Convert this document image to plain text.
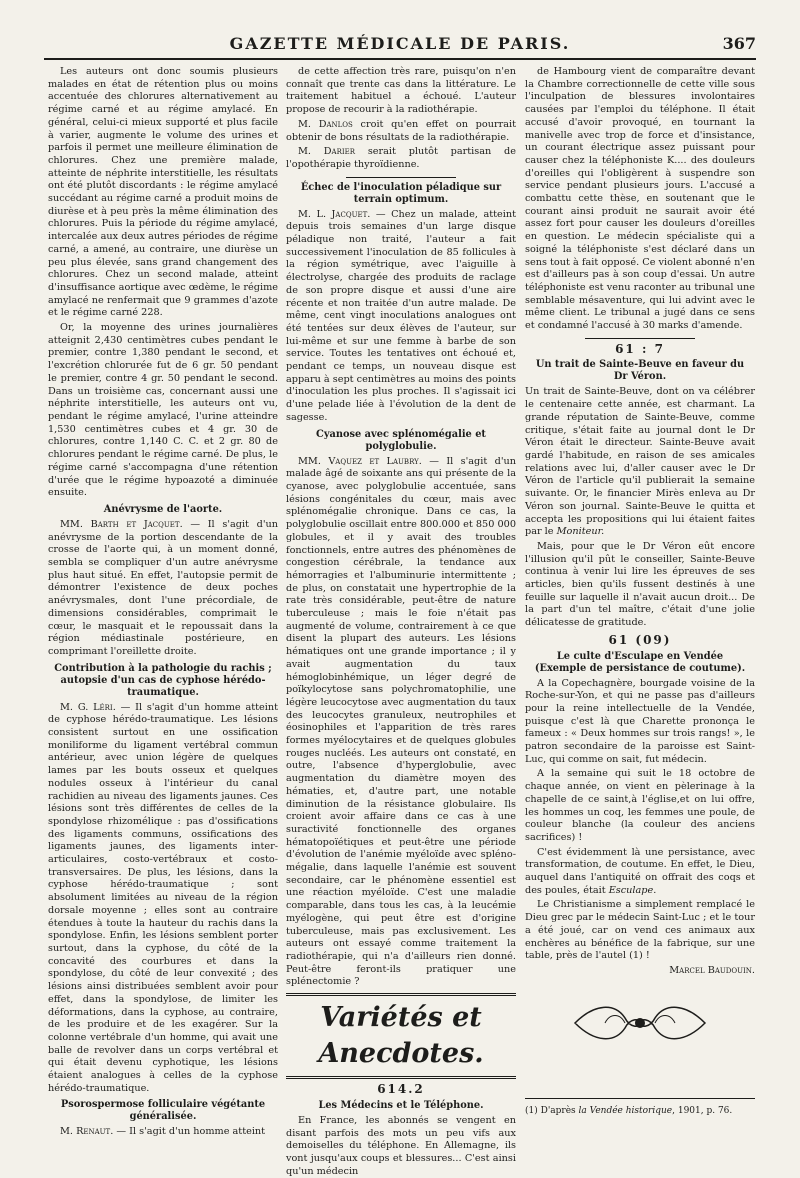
GAZETTE MÉDICALE DE PARIS.	367

Les auteurs ont donc soumis plusieurs malades en état de rétention plus ou moins accentuée des chlorures alternativement au régime carné et au régime amylacé. En général, celui-ci mieux supporté et plus facile à varier, augmente le volume des urines et parfois il permet une meilleure élimination de chlorures. Chez une première malade, atteinte de néphrite interstitielle, les résultats ont été plutôt discordants : le régime amylacé succédant au régime carné a produit moins de diurèse et à peu près la même élimination des chlorures. Puis la période du régime amylacé, intercalée aux deux autres périodes de régime carné, a amené, au contraire, une diurèse un peu plus élevée, sans grand changement des chlorures. Chez un second malade, atteint d'insuffisance aortique avec œdème, le régime amylacé ne renfermait que 9 grammes d'azote et le régime carné 228.

Or, la moyenne des urines journalières atteignit 2,430 centimètres cubes pendant le premier, contre 1,380 pendant le second, et l'excrétion chlorurée fut de 6 gr. 50 pendant le premier, contre 4 gr. 50 pendant le second. Dans un troisième cas, concernant aussi une néphrite interstitielle, les auteurs ont vu, pendant le régime amylacé, l'urine atteindre 1,530 centimètres cubes et 4 gr. 30 de chlorures, contre 1,140 C. C. et 2 gr. 80 de chlorures pendant le régime carné. De plus, le régime carné s'accompagna d'une rétention d'urée que le régime hypoazoté a diminuée ensuite.

Anévrysme de l'aorte.

MM. Barth et Jacquet. — Il s'agit d'un anévrysme de la portion descendante de la crosse de l'aorte qui, à un moment donné, sembla se compliquer d'un autre anévrysme plus haut situé. En effet, l'autopsie permit de démontrer l'existence de deux poches anévrysmales, dont l'une précordiale, de dimensions considérables, comprimait le cœur, le masquait et le repoussait dans la région médiastinale postérieure, en comprimant l'oreillette droite.

Contribution à la pathologie du rachis ; autopsie d'un cas de cyphose hérédo-traumatique.

M. G. Léri. — Il s'agit d'un homme atteint de cyphose hérédo-traumatique. Les lésions consistent surtout en une ossification moniliforme du ligament vertébral commun antérieur, avec union légère de quelques lames par les bouts osseux et quelques nodules osseux à l'intérieur du canal rachidien au niveau des ligaments jaunes. Ces lésions sont très différentes de celles de la spondylose rhizomélique : pas d'ossifications des ligaments communs, ossifications des ligaments jaunes, des ligaments inter-articulaires, costo-vertébraux et costo-transversaires. De plus, les lésions, dans la cyphose hérédo-traumatique ; sont absolument limitées au niveau de la région dorsale moyenne ; elles sont au contraire étendues à toute la hauteur du rachis dans la spondylose. Enfin, les lésions semblent porter surtout, dans la cyphose, du côté de la concavité des courbures et dans la spondylose, du côté de leur convexité ; des lésions ainsi distribuées semblent avoir pour effet, dans la spondylose, de limiter les déformations, dans la cyphose, au contraire, de les produire et de les exagérer. Sur la colonne vertébrale d'un homme, qui avait une balle de revolver dans un corps vertébral et qui était devenu cyphotique, les lésions étaient analogues à celles de la cyphose hérédo-traumatique.

Psorospermose folliculaire végétante généralisée.

M. Renaut. — Il s'agit d'un homme atteint

de cette affection très rare, puisqu'on n'en connaît que trente cas dans la littérature. Le traitement habituel a échoué. L'auteur propose de recourir à la radiothérapie.

M. Danlos croit qu'en effet on pourrait obtenir de bons résultats de la radiothérapie.

M. Darier serait plutôt partisan de l'opothérapie thyroïdienne.

Échec de l'inoculation péladique sur terrain optimum.

M. L. Jacquet. — Chez un malade, atteint depuis trois semaines d'un large disque péladique non traité, l'auteur a fait successivement l'inoculation de 85 follicules à la région symétrique, avec l'aiguille à électrolyse, chargée des produits de raclage de son propre disque et aussi d'une aire récente et non traitée d'un autre malade. De même, cent vingt inoculations analogues ont été tentées sur deux élèves de l'auteur, sur lui-même et sur une femme à barbe de son service. Toutes les tentatives ont échoué et, pendant ce temps, un nouveau disque est apparu à sept centimètres au moins des points d'inoculation les plus proches. Il s'agissait ici d'une pelade liée à l'évolution de la dent de sagesse.

Cyanose avec splénomégalie et polyglobulie.

MM. Vaquez et Laubry. — Il s'agit d'un malade âgé de soixante ans qui présente de la cyanose, avec polyglobulie accentuée, sans lésions congénitales du cœur, mais avec splénomégalie chronique. Dans ce cas, la polyglobulie oscillait entre 800.000 et 850 000 globules, et il y avait des troubles fonctionnels, entre autres des phénomènes de congestion cérébrale, la tendance aux hémorragies et l'albuminurie intermittente ; de plus, on constatait une hypertrophie de la rate très considérable, peut-être de nature tuberculeuse ; mais le foie n'était pas augmenté de volume, contrairement à ce que disent la plupart des auteurs. Les lésions hématiques ont une grande importance ; il y avait augmentation du taux hémoglobinhémique, un léger degré de poïkylocytose sans polychromatophilie, une légère leucocytose avec augmentation du taux des leucocytes granuleux, neutrophiles et éosinophiles et l'apparition de très rares formes myélocytaires et de quelques globules rouges nucléés. Les auteurs ont constaté, en outre, l'absence d'hyperglobulie, avec augmentation du diamètre moyen des hématies, et, d'autre part, une notable diminution de la résistance globulaire. Ils croient avoir affaire dans ce cas à une suractivité fonctionnelle des organes hématopoïétiques et peut-être une période d'évolution de l'anémie myéloïde avec spléno-mégalie, dans laquelle l'anémie est souvent secondaire, car le phénomène essentiel est une réaction myéloïde. C'est une maladie comparable, dans tous les cas, à la leucémie myélogène, qui peut être est d'origine tuberculeuse, mais pas exclusivement. Les auteurs ont essayé comme traitement la radiothérapie, qui n'a d'ailleurs rien donné. Peut-être feront-ils pratiquer une splénectomie ?

Variétés et Anecdotes.
614.2
Les Médecins et le Téléphone.

En France, les abonnés se vengent en disant parfois des mots un peu vifs aux demoiselles du téléphone. En Allemagne, ils vont jusqu'aux coups et blessures... C'est ainsi qu'un médecin

de Hambourg vient de comparaître devant la Chambre correctionnelle de cette ville sous l'inculpation de blessures involontaires causées par l'emploi du téléphone. Il était accusé d'avoir provoqué, en tournant la manivelle avec trop de force et d'insistance, un courant électrique assez puissant pour causer chez la téléphoniste K.... des douleurs d'oreilles qui l'obligèrent à suspendre son service pendant plusieurs jours. L'accusé a combattu cette thèse, en soutenant que le courant ainsi produit ne saurait avoir été assez fort pour causer les douleurs d'oreilles en question. Le médecin spécialiste qui a soigné la téléphoniste s'est déclaré dans un sens tout à fait opposé. Ce violent abonné n'en est d'ailleurs pas à son coup d'essai. Un autre téléphoniste est venu raconter au tribunal une semblable mésaventure, qui lui advint avec le même client. Le tribunal a jugé dans ce sens et condamné l'accusé à 30 marks d'amende.

61 : 7
Un trait de Sainte-Beuve en faveur du Dr Véron.

Un trait de Sainte-Beuve, dont on va célébrer le centenaire cette année, est charmant. La grande réputation de Sainte-Beuve, comme critique, s'était faite au journal dont le Dr Véron était le directeur. Sainte-Beuve avait gardé l'habitude, en raison de ses amicales relations avec lui, d'aller causer avec le Dr Véron de l'article qu'il publierait la semaine suivante. Or, le financier Mirès enleva au Dr Véron son journal. Sainte-Beuve le quitta et accepta les propositions qui lui étaient faites par le

Moniteur.

Mais, pour que le Dr Véron eût encore l'illusion qu'il pût le conseiller, Sainte-Beuve continua à venir lui lire les épreuves de ses articles, bien qu'ils fussent destinés à une feuille sur laquelle il n'avait aucun droit... De la part d'un tel maître, c'était d'une jolie délicatesse de gratitude.

61 (09)
Le culte d'Esculape en Vendée (Exemple de persistance de coutume).

A la Copechagnère, bourgade voisine de la Roche-sur-Yon, et qui ne passe pas d'ailleurs pour la reine intellectuelle de la Vendée, puisque c'est là que Charette prononça le fameux : « Deux hommes sur trois rangs! », le patron secondaire de la paroisse est Saint-Luc, qui comme on sait, fut médecin.

A la semaine qui suit le 18 octobre de chaque année, on vient en pèlerinage à la chapelle de ce saint,à l'église,et on lui offre, les hommes un coq, les femmes une poule, de couleur blanche (la couleur des anciens sacrifices) !

C'est évidemment là une persistance, avec transformation, de coutume. En effet, le Dieu, auquel dans l'antiquité on offrait des coqs et des poules, était Esculape.

Le Christianisme a simplement remplacé le Dieu grec par le médecin Saint-Luc ; et le tour a été joué, car on vend ces animaux aux enchères au bénéfice de la fabrique, sur une table, près de l'autel (1) !

Marcel Baudouin.
(1) D'après la Vendée historique, 1901, p. 76.
